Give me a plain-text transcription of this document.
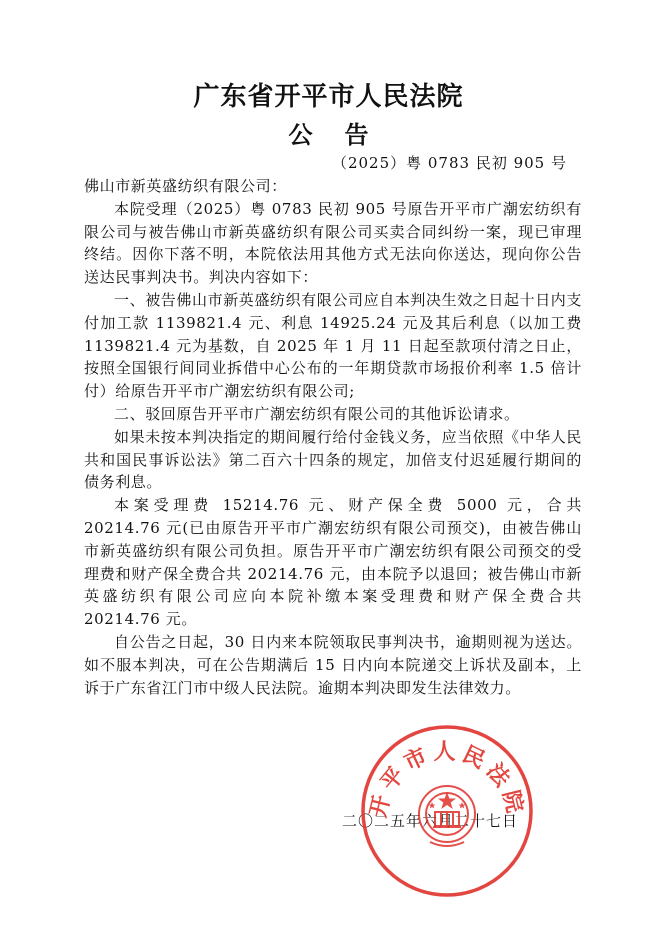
广东省开平市人民法院
公告
（2025）粤 0783 民初 905 号

佛山市新英盛纺织有限公司：

本院受理（2025）粤 0783 民初 905 号原告开平市广潮宏纺织有限公司与被告佛山市新英盛纺织有限公司买卖合同纠纷一案，现已审理终结。因你下落不明，本院依法用其他方式无法向你送达，现向你公告送达民事判决书。判决内容如下：

一、被告佛山市新英盛纺织有限公司应自本判决生效之日起十日内支付加工款 1139821.4 元、利息 14925.24 元及其后利息（以加工费 1139821.4 元为基数，自 2025 年 1 月 11 日起至款项付清之日止，按照全国银行间同业拆借中心公布的一年期贷款市场报价利率 1.5 倍计付）给原告开平市广潮宏纺织有限公司;

二、驳回原告开平市广潮宏纺织有限公司的其他诉讼请求。

如果未按本判决指定的期间履行给付金钱义务，应当依照《中华人民共和国民事诉讼法》第二百六十四条的规定，加倍支付迟延履行期间的债务利息。

本案受理费 15214.76 元、财产保全费 5000 元，合共 20214.76 元(已由原告开平市广潮宏纺织有限公司预交)，由被告佛山市新英盛纺织有限公司负担。原告开平市广潮宏纺织有限公司预交的受理费和财产保全费合共 20214.76 元，由本院予以退回；被告佛山市新英盛纺织有限公司应向本院补缴本案受理费和财产保全费合共 20214.76 元。

自公告之日起，30 日内来本院领取民事判决书，逾期则视为送达。如不服本判决，可在公告期满后 15 日内向本院递交上诉状及副本，上诉于广东省江门市中级人民法院。逾期本判决即发生法律效力。

二〇二五年六月二十七日
开平市人民法院
